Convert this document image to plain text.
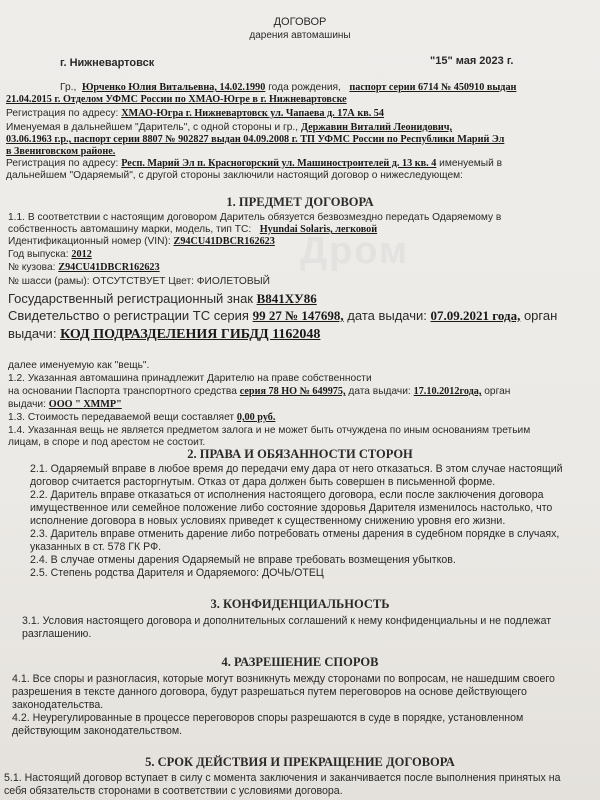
Дром
ДОГОВОР
дарения автомашины
г. Нижневартовск	"15" мая 2023 г.
Гр., Юрченко Юлия Витальевна, 14.02.1990 года рождения, паспорт серии 6714 № 450910 выдан
21.04.2015 г. Отделом УФМС России по ХМАО-Югре в г. Нижневартовске
Регистрация по адресу: ХМАО-Югра г. Нижневартовск ул. Чапаева д. 17А кв. 54
Именуемая в дальнейшем "Даритель", с одной стороны и гр., Державин Виталий Леонидович,
03.06.1963 г.р., паспорт серии 8807 № 902827 выдан 04.09.2008 г. ТП УФМС России по Республики Марий Эл
в Звениговском районе.
Регистрация по адресу: Респ. Марий Эл п. Красногорский ул. Машиностроителей д. 13 кв. 4 именуемый в
дальнейшем "Одаряемый", с другой стороны заключили настоящий договор о нижеследующем:
1. ПРЕДМЕТ ДОГОВОРА
1.1. В соответствии с настоящим договором Даритель обязуется безвозмездно передать Одаряемому в
собственность автомашину марки, модель, тип ТС: Hyundai Solaris, легковой
Идентификационный номер (VIN): Z94CU41DBCR162623
Год выпуска: 2012
№ кузова: Z94CU41DBCR162623
№ шасси (рамы): ОТСУТСТВУЕТ Цвет: ФИОЛЕТОВЫЙ
Государственный регистрационный знак В841ХУ86
Свидетельство о регистрации ТС серия 99 27 № 147698, дата выдачи: 07.09.2021 года, орган
выдачи: КОД ПОДРАЗДЕЛЕНИЯ ГИБДД 1162048
далее именуемую как "вещь".
1.2. Указанная автомашина принадлежит Дарителю на праве собственности
на основании Паспорта транспортного средства серия 78 НО № 649975, дата выдачи: 17.10.2012года, орган
выдачи: ООО " ХММР"
1.3. Стоимость передаваемой вещи составляет 0,00 руб.
1.4. Указанная вещь не является предметом залога и не может быть отчуждена по иным основаниям третьим
лицам, в споре и под арестом не состоит.
2. ПРАВА И ОБЯЗАННОСТИ СТОРОН
2.1. Одаряемый вправе в любое время до передачи ему дара от него отказаться. В этом случае настоящий
договор считается расторгнутым. Отказ от дара должен быть совершен в письменной форме.
2.2. Даритель вправе отказаться от исполнения настоящего договора, если после заключения договора
имущественное или семейное положение либо состояние здоровья Дарителя изменилось настолько, что
исполнение договора в новых условиях приведет к существенному снижению уровня его жизни.
2.3. Даритель вправе отменить дарение либо потребовать отмены дарения в судебном порядке в случаях,
указанных в ст. 578 ГК РФ.
2.4. В случае отмены дарения Одаряемый не вправе требовать возмещения убытков.
2.5. Степень родства Дарителя и Одаряемого: ДОЧЬ/ОТЕЦ
3. КОНФИДЕНЦИАЛЬНОСТЬ
3.1. Условия настоящего договора и дополнительных соглашений к нему конфиденциальны и не подлежат
разглашению.
4. РАЗРЕШЕНИЕ СПОРОВ
4.1. Все споры и разногласия, которые могут возникнуть между сторонами по вопросам, не нашедшим своего
разрешения в тексте данного договора, будут разрешаться путем переговоров на основе действующего
законодательства.
4.2. Неурегулированные в процессе переговоров споры разрешаются в суде в порядке, установленном
действующим законодательством.
5. СРОК ДЕЙСТВИЯ И ПРЕКРАЩЕНИЕ ДОГОВОРА
5.1. Настоящий договор вступает в силу с момента заключения и заканчивается после выполнения принятых на
себя обязательств сторонами в соответствии с условиями договора.
